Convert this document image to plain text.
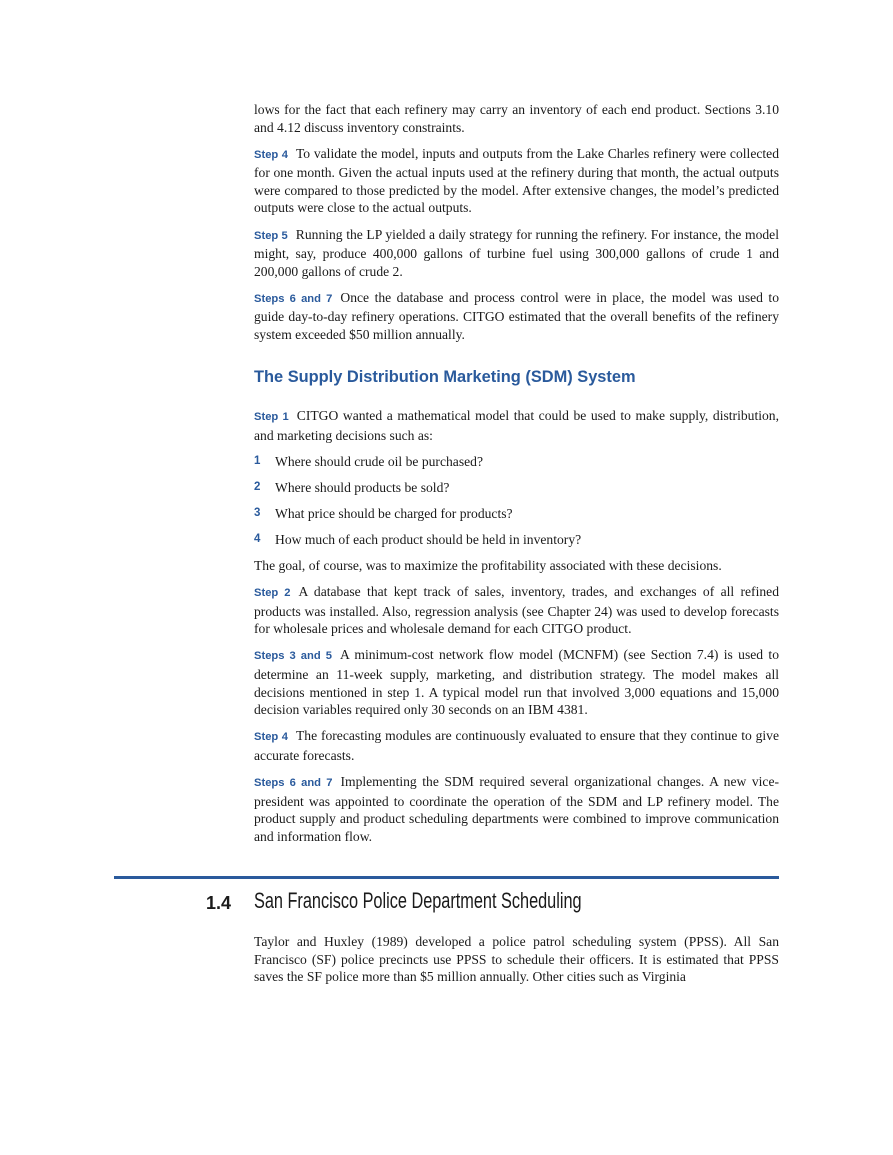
lows for the fact that each refinery may carry an inventory of each end product. Sections 3.10 and 4.12 discuss inventory constraints.

Step 4 To validate the model, inputs and outputs from the Lake Charles refinery were collected for one month. Given the actual inputs used at the refinery during that month, the actual outputs were compared to those predicted by the model. After extensive changes, the model’s predicted outputs were close to the actual outputs.

Step 5 Running the LP yielded a daily strategy for running the refinery. For instance, the model might, say, produce 400,000 gallons of turbine fuel using 300,000 gallons of crude 1 and 200,000 gallons of crude 2.

Steps 6 and 7 Once the database and process control were in place, the model was used to guide day-to-day refinery operations. CITGO estimated that the overall benefits of the refinery system exceeded $50 million annually.

The Supply Distribution Marketing (SDM) System

Step 1 CITGO wanted a mathematical model that could be used to make supply, distribution, and marketing decisions such as:

1	Where should crude oil be purchased?
2	Where should products be sold?
3	What price should be charged for products?
4	How much of each product should be held in inventory?

The goal, of course, was to maximize the profitability associated with these decisions.

Step 2 A database that kept track of sales, inventory, trades, and exchanges of all refined products was installed. Also, regression analysis (see Chapter 24) was used to develop forecasts for wholesale prices and wholesale demand for each CITGO product.

Steps 3 and 5 A minimum-cost network flow model (MCNFM) (see Section 7.4) is used to determine an 11-week supply, marketing, and distribution strategy. The model makes all decisions mentioned in step 1. A typical model run that involved 3,000 equations and 15,000 decision variables required only 30 seconds on an IBM 4381.

Step 4 The forecasting modules are continuously evaluated to ensure that they continue to give accurate forecasts.

Steps 6 and 7 Implementing the SDM required several organizational changes. A new vice-president was appointed to coordinate the operation of the SDM and LP refinery model. The product supply and product scheduling departments were combined to improve communication and information flow.

1.4 San Francisco Police Department Scheduling

Taylor and Huxley (1989) developed a police patrol scheduling system (PPSS). All San Francisco (SF) police precincts use PPSS to schedule their officers. It is estimated that PPSS saves the SF police more than $5 million annually. Other cities such as Virginia
